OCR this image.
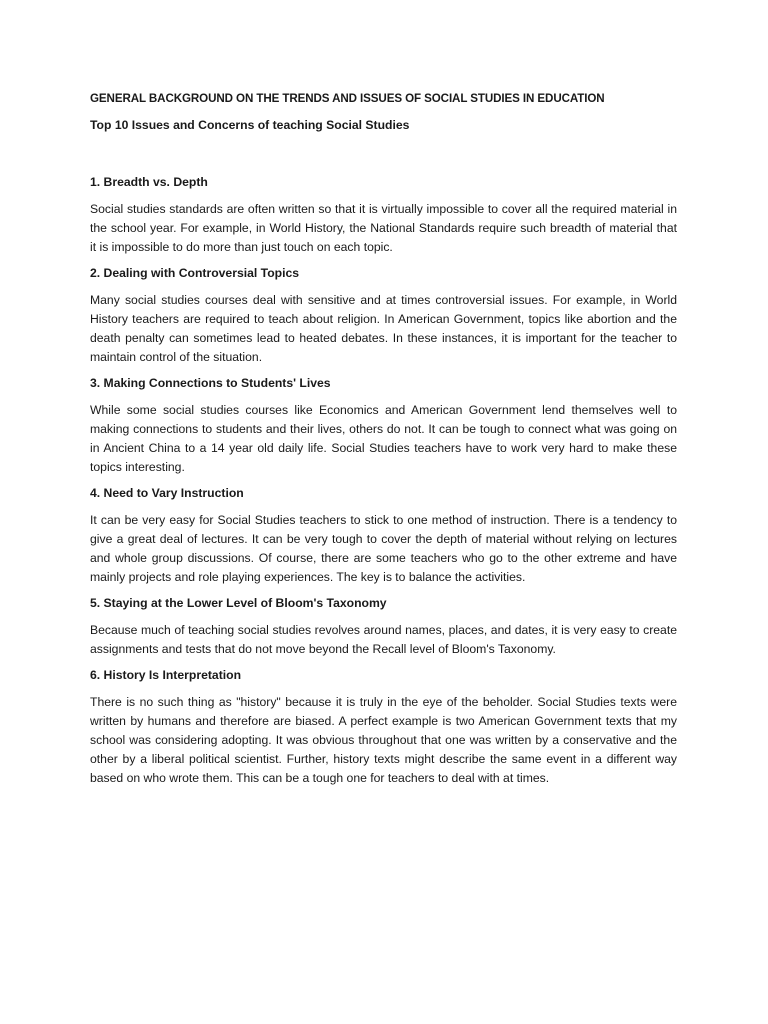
GENERAL BACKGROUND ON THE TRENDS AND ISSUES OF SOCIAL STUDIES IN EDUCATION
Top 10 Issues and Concerns of teaching Social Studies
1. Breadth vs. Depth

Social studies standards are often written so that it is virtually impossible to cover all the required material in the school year. For example, in World History, the National Standards require such breadth of material that it is impossible to do more than just touch on each topic.

2. Dealing with Controversial Topics

Many social studies courses deal with sensitive and at times controversial issues. For example, in World History teachers are required to teach about religion. In American Government, topics like abortion and the death penalty can sometimes lead to heated debates. In these instances, it is important for the teacher to maintain control of the situation.

3. Making Connections to Students' Lives

While some social studies courses like Economics and American Government lend themselves well to making connections to students and their lives, others do not. It can be tough to connect what was going on in Ancient China to a 14 year old daily life. Social Studies teachers have to work very hard to make these topics interesting.

4. Need to Vary Instruction

It can be very easy for Social Studies teachers to stick to one method of instruction. There is a tendency to give a great deal of lectures. It can be very tough to cover the depth of material without relying on lectures and whole group discussions. Of course, there are some teachers who go to the other extreme and have mainly projects and role playing experiences. The key is to balance the activities.

5. Staying at the Lower Level of Bloom's Taxonomy

Because much of teaching social studies revolves around names, places, and dates, it is very easy to create assignments and tests that do not move beyond the Recall level of Bloom's Taxonomy.

6. History Is Interpretation

There is no such thing as "history" because it is truly in the eye of the beholder. Social Studies texts were written by humans and therefore are biased. A perfect example is two American Government texts that my school was considering adopting. It was obvious throughout that one was written by a conservative and the other by a liberal political scientist. Further, history texts might describe the same event in a different way based on who wrote them. This can be a tough one for teachers to deal with at times.
